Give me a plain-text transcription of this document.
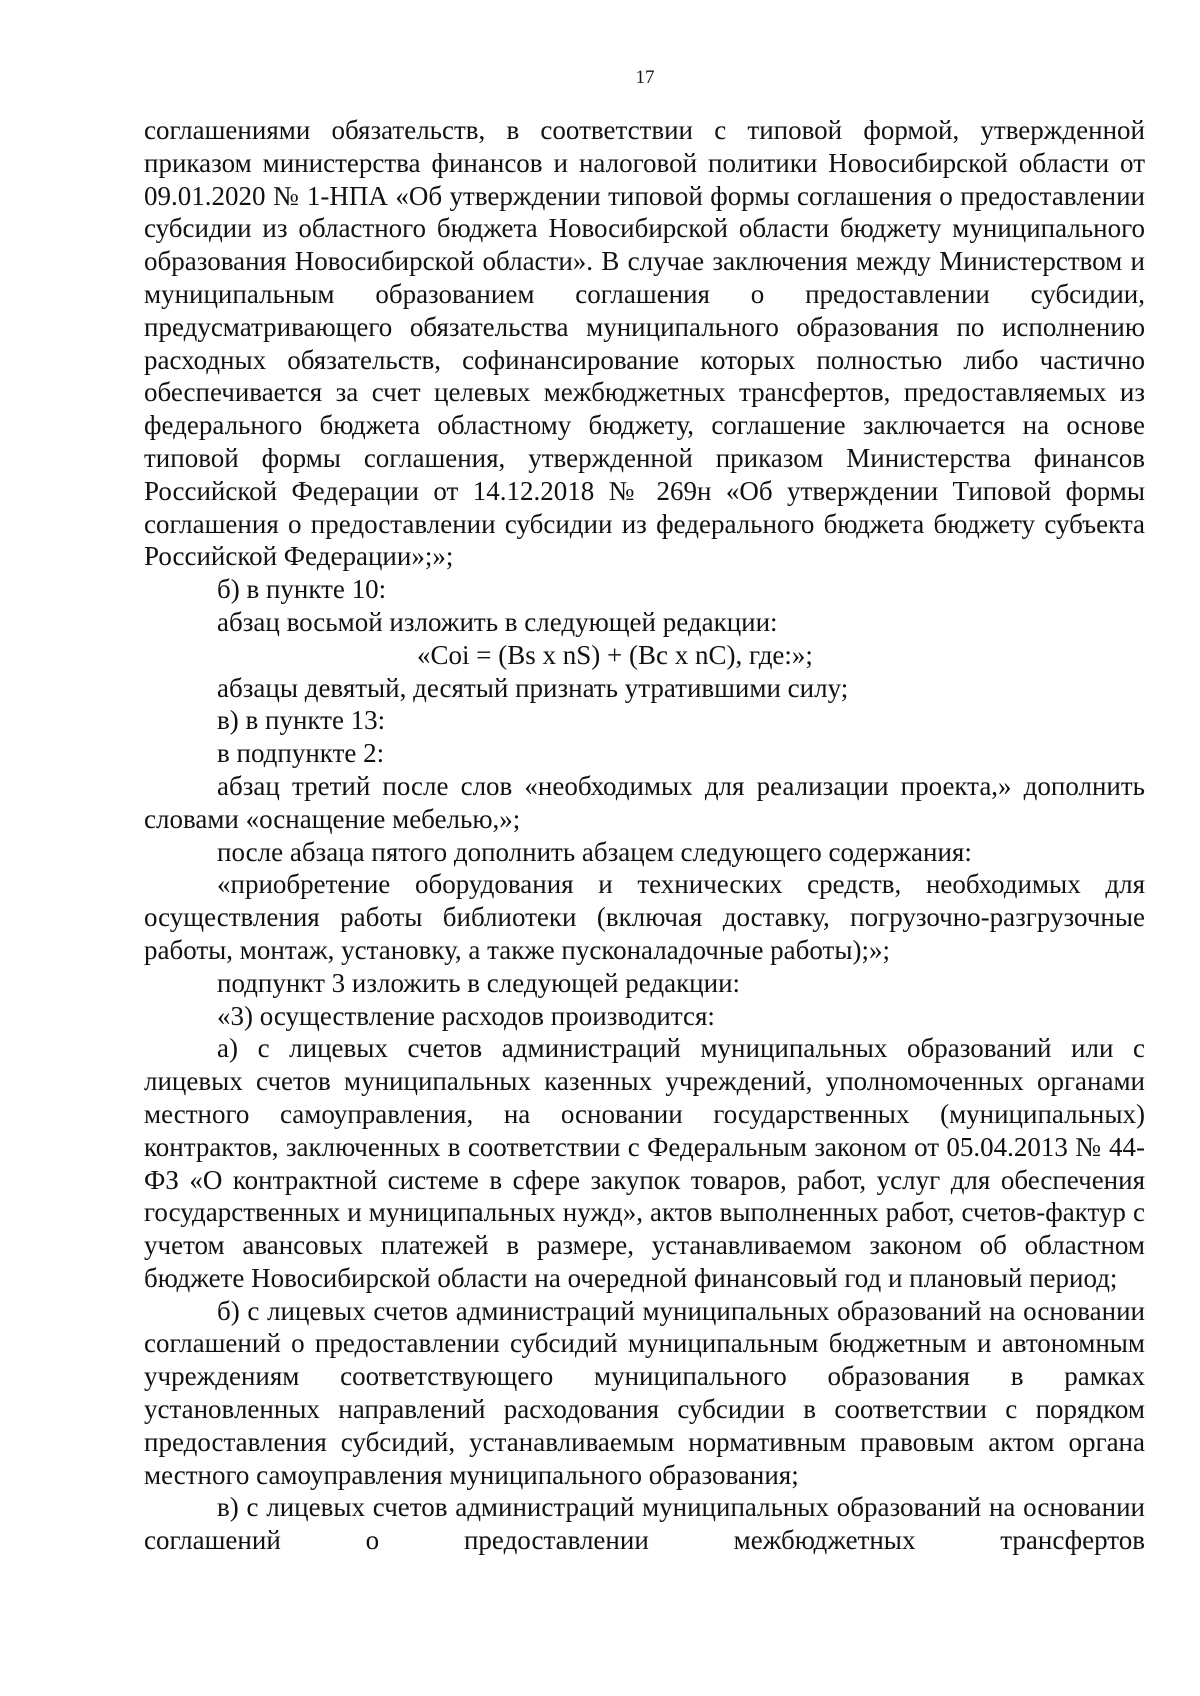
17

соглашениями обязательств, в соответствии с типовой формой, утвержденной приказом министерства финансов и налоговой политики Новосибирской области от 09.01.2020 № 1-НПА «Об утверждении типовой формы соглашения о предоставлении субсидии из областного бюджета Новосибирской области бюджету муниципального образования Новосибирской области». В случае заключения между Министерством и муниципальным образованием соглашения о предоставлении субсидии, предусматривающего обязательства муниципального образования по исполнению расходных обязательств, софинансирование которых полностью либо частично обеспечивается за счет целевых межбюджетных трансфертов, предоставляемых из федерального бюджета областному бюджету, соглашение заключается на основе типовой формы соглашения, утвержденной приказом Министерства финансов Российской Федерации от 14.12.2018 № 269н «Об утверждении Типовой формы соглашения о предоставлении субсидии из федерального бюджета бюджету субъекта Российской Федерации»;»;

б) в пункте 10:

абзац восьмой изложить в следующей редакции:

«Coi = (Bs x nS) + (Bc x nC), где:»;

абзацы девятый, десятый признать утратившими силу;

в) в пункте 13:

в подпункте 2:

абзац третий после слов «необходимых для реализации проекта,» дополнить словами «оснащение мебелью,»;

после абзаца пятого дополнить абзацем следующего содержания:

«приобретение оборудования и технических средств, необходимых для осуществления работы библиотеки (включая доставку, погрузочно-разгрузочные работы, монтаж, установку, а также пусконаладочные работы);»;

подпункт 3 изложить в следующей редакции:

«3) осуществление расходов производится:

а) с лицевых счетов администраций муниципальных образований или с лицевых счетов муниципальных казенных учреждений, уполномоченных органами местного самоуправления, на основании государственных (муниципальных) контрактов, заключенных в соответствии с Федеральным законом от 05.04.2013 № 44-ФЗ «О контрактной системе в сфере закупок товаров, работ, услуг для обеспечения государственных и муниципальных нужд», актов выполненных работ, счетов-фактур с учетом авансовых платежей в размере, устанавливаемом законом об областном бюджете Новосибирской области на очередной финансовый год и плановый период;

б) с лицевых счетов администраций муниципальных образований на основании соглашений о предоставлении субсидий муниципальным бюджетным и автономным учреждениям соответствующего муниципального образования в рамках установленных направлений расходования субсидии в соответствии с порядком предоставления субсидий, устанавливаемым нормативным правовым актом органа местного самоуправления муниципального образования;

в) с лицевых счетов администраций муниципальных образований на основании соглашений о предоставлении межбюджетных трансфертов
